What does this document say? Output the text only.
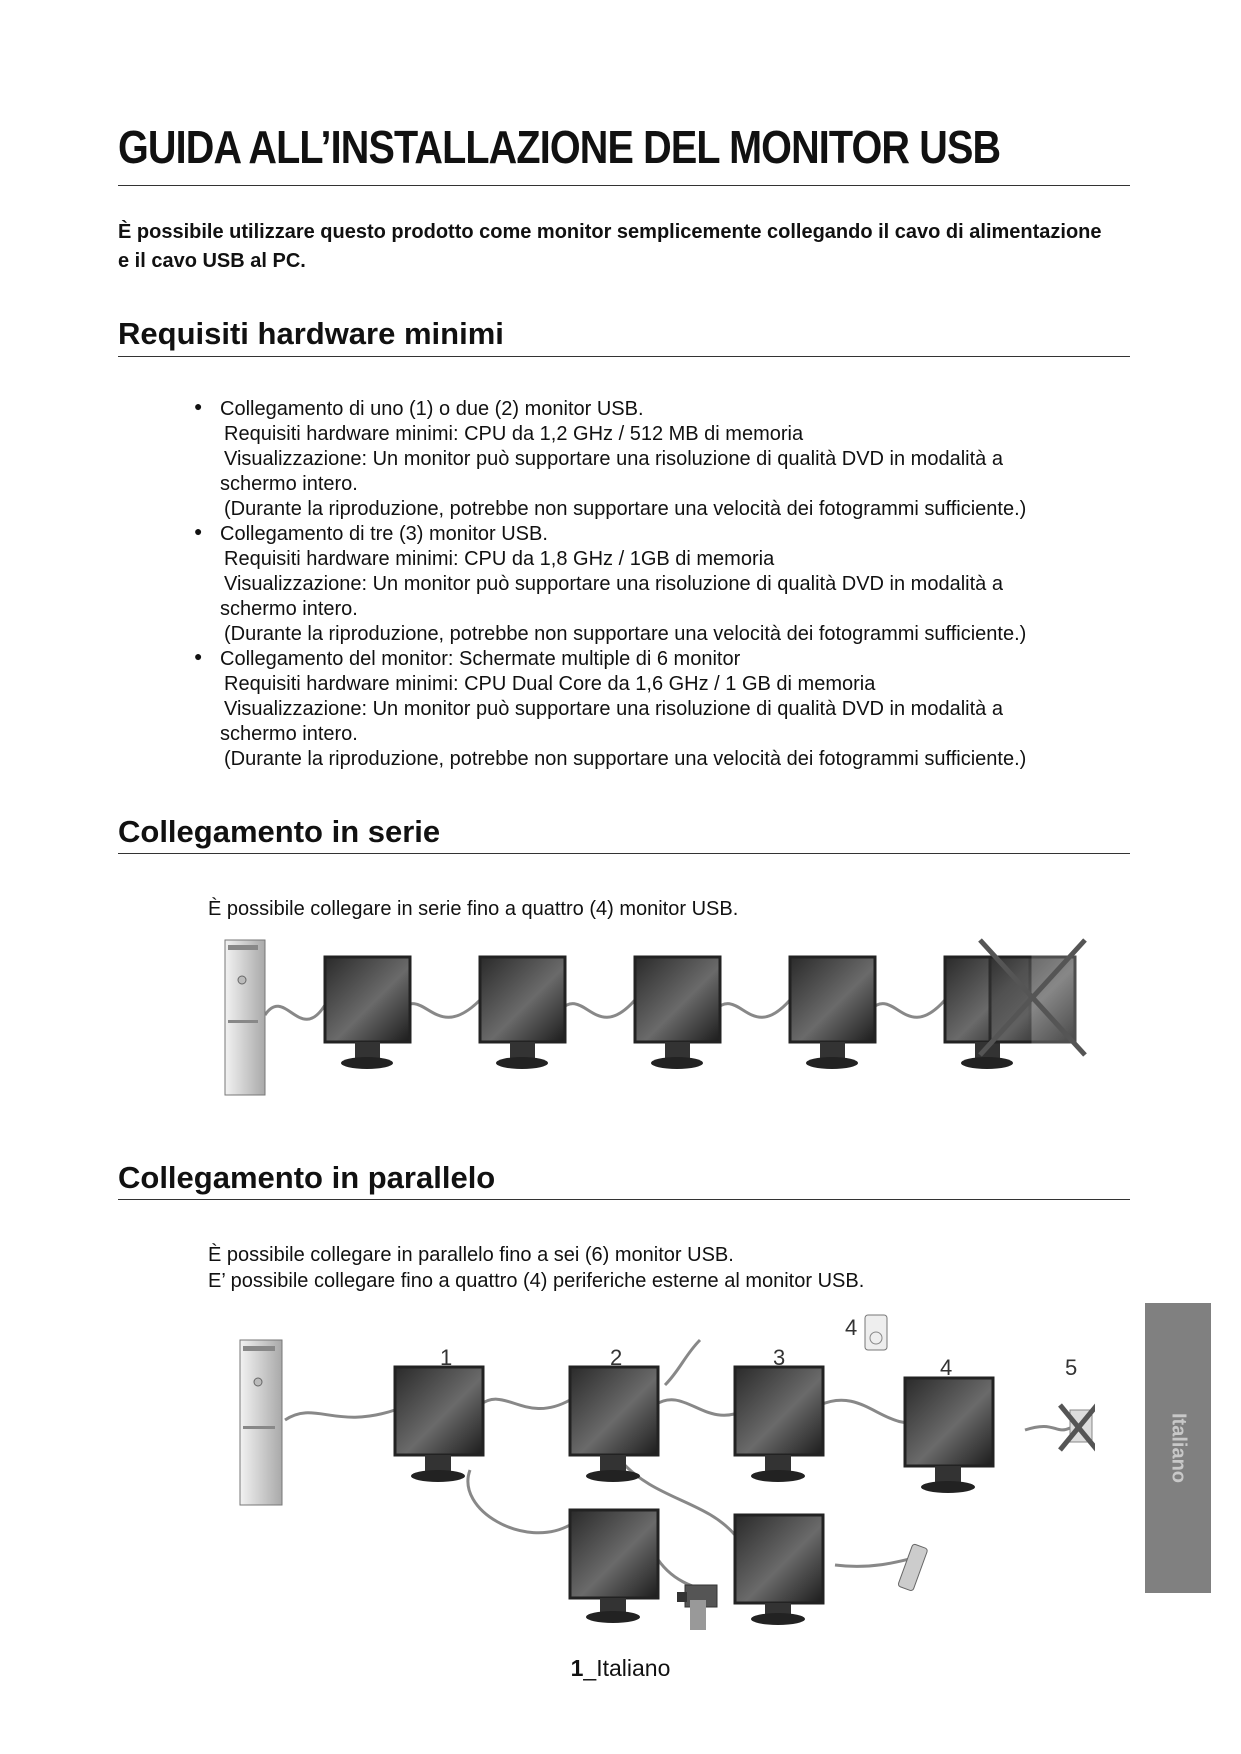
GUIDA ALL’INSTALLAZIONE DEL MONITOR USB
È possibile utilizzare questo prodotto come monitor semplicemente collegando il cavo di alimentazione e il cavo USB al PC.
Requisiti hardware minimi
● Collegamento di uno (1) o due (2) monitor USB.
Requisiti hardware minimi: CPU da 1,2 GHz / 512 MB di memoria
Visualizzazione: Un monitor può supportare una risoluzione di qualità DVD in modalità a
schermo intero.
(Durante la riproduzione, potrebbe non supportare una velocità dei fotogrammi sufficiente.)
● Collegamento di tre (3) monitor USB.
Requisiti hardware minimi: CPU da 1,8 GHz / 1GB di memoria
Visualizzazione: Un monitor può supportare una risoluzione di qualità DVD in modalità a
schermo intero.
(Durante la riproduzione, potrebbe non supportare una velocità dei fotogrammi sufficiente.)
● Collegamento del monitor: Schermate multiple di 6 monitor
Requisiti hardware minimi: CPU Dual Core da 1,6 GHz / 1 GB di memoria
Visualizzazione: Un monitor può supportare una risoluzione di qualità DVD in modalità a
schermo intero.
(Durante la riproduzione, potrebbe non supportare una velocità dei fotogrammi sufficiente.)
Collegamento in serie
È possibile collegare in serie fino a quattro (4) monitor USB.
Collegamento in parallelo
È possibile collegare in parallelo fino a sei (6) monitor USB.
E’ possibile collegare fino a quattro (4) periferiche esterne al monitor USB.
1	2	3
4
4	5
Italiano
1_Italiano
